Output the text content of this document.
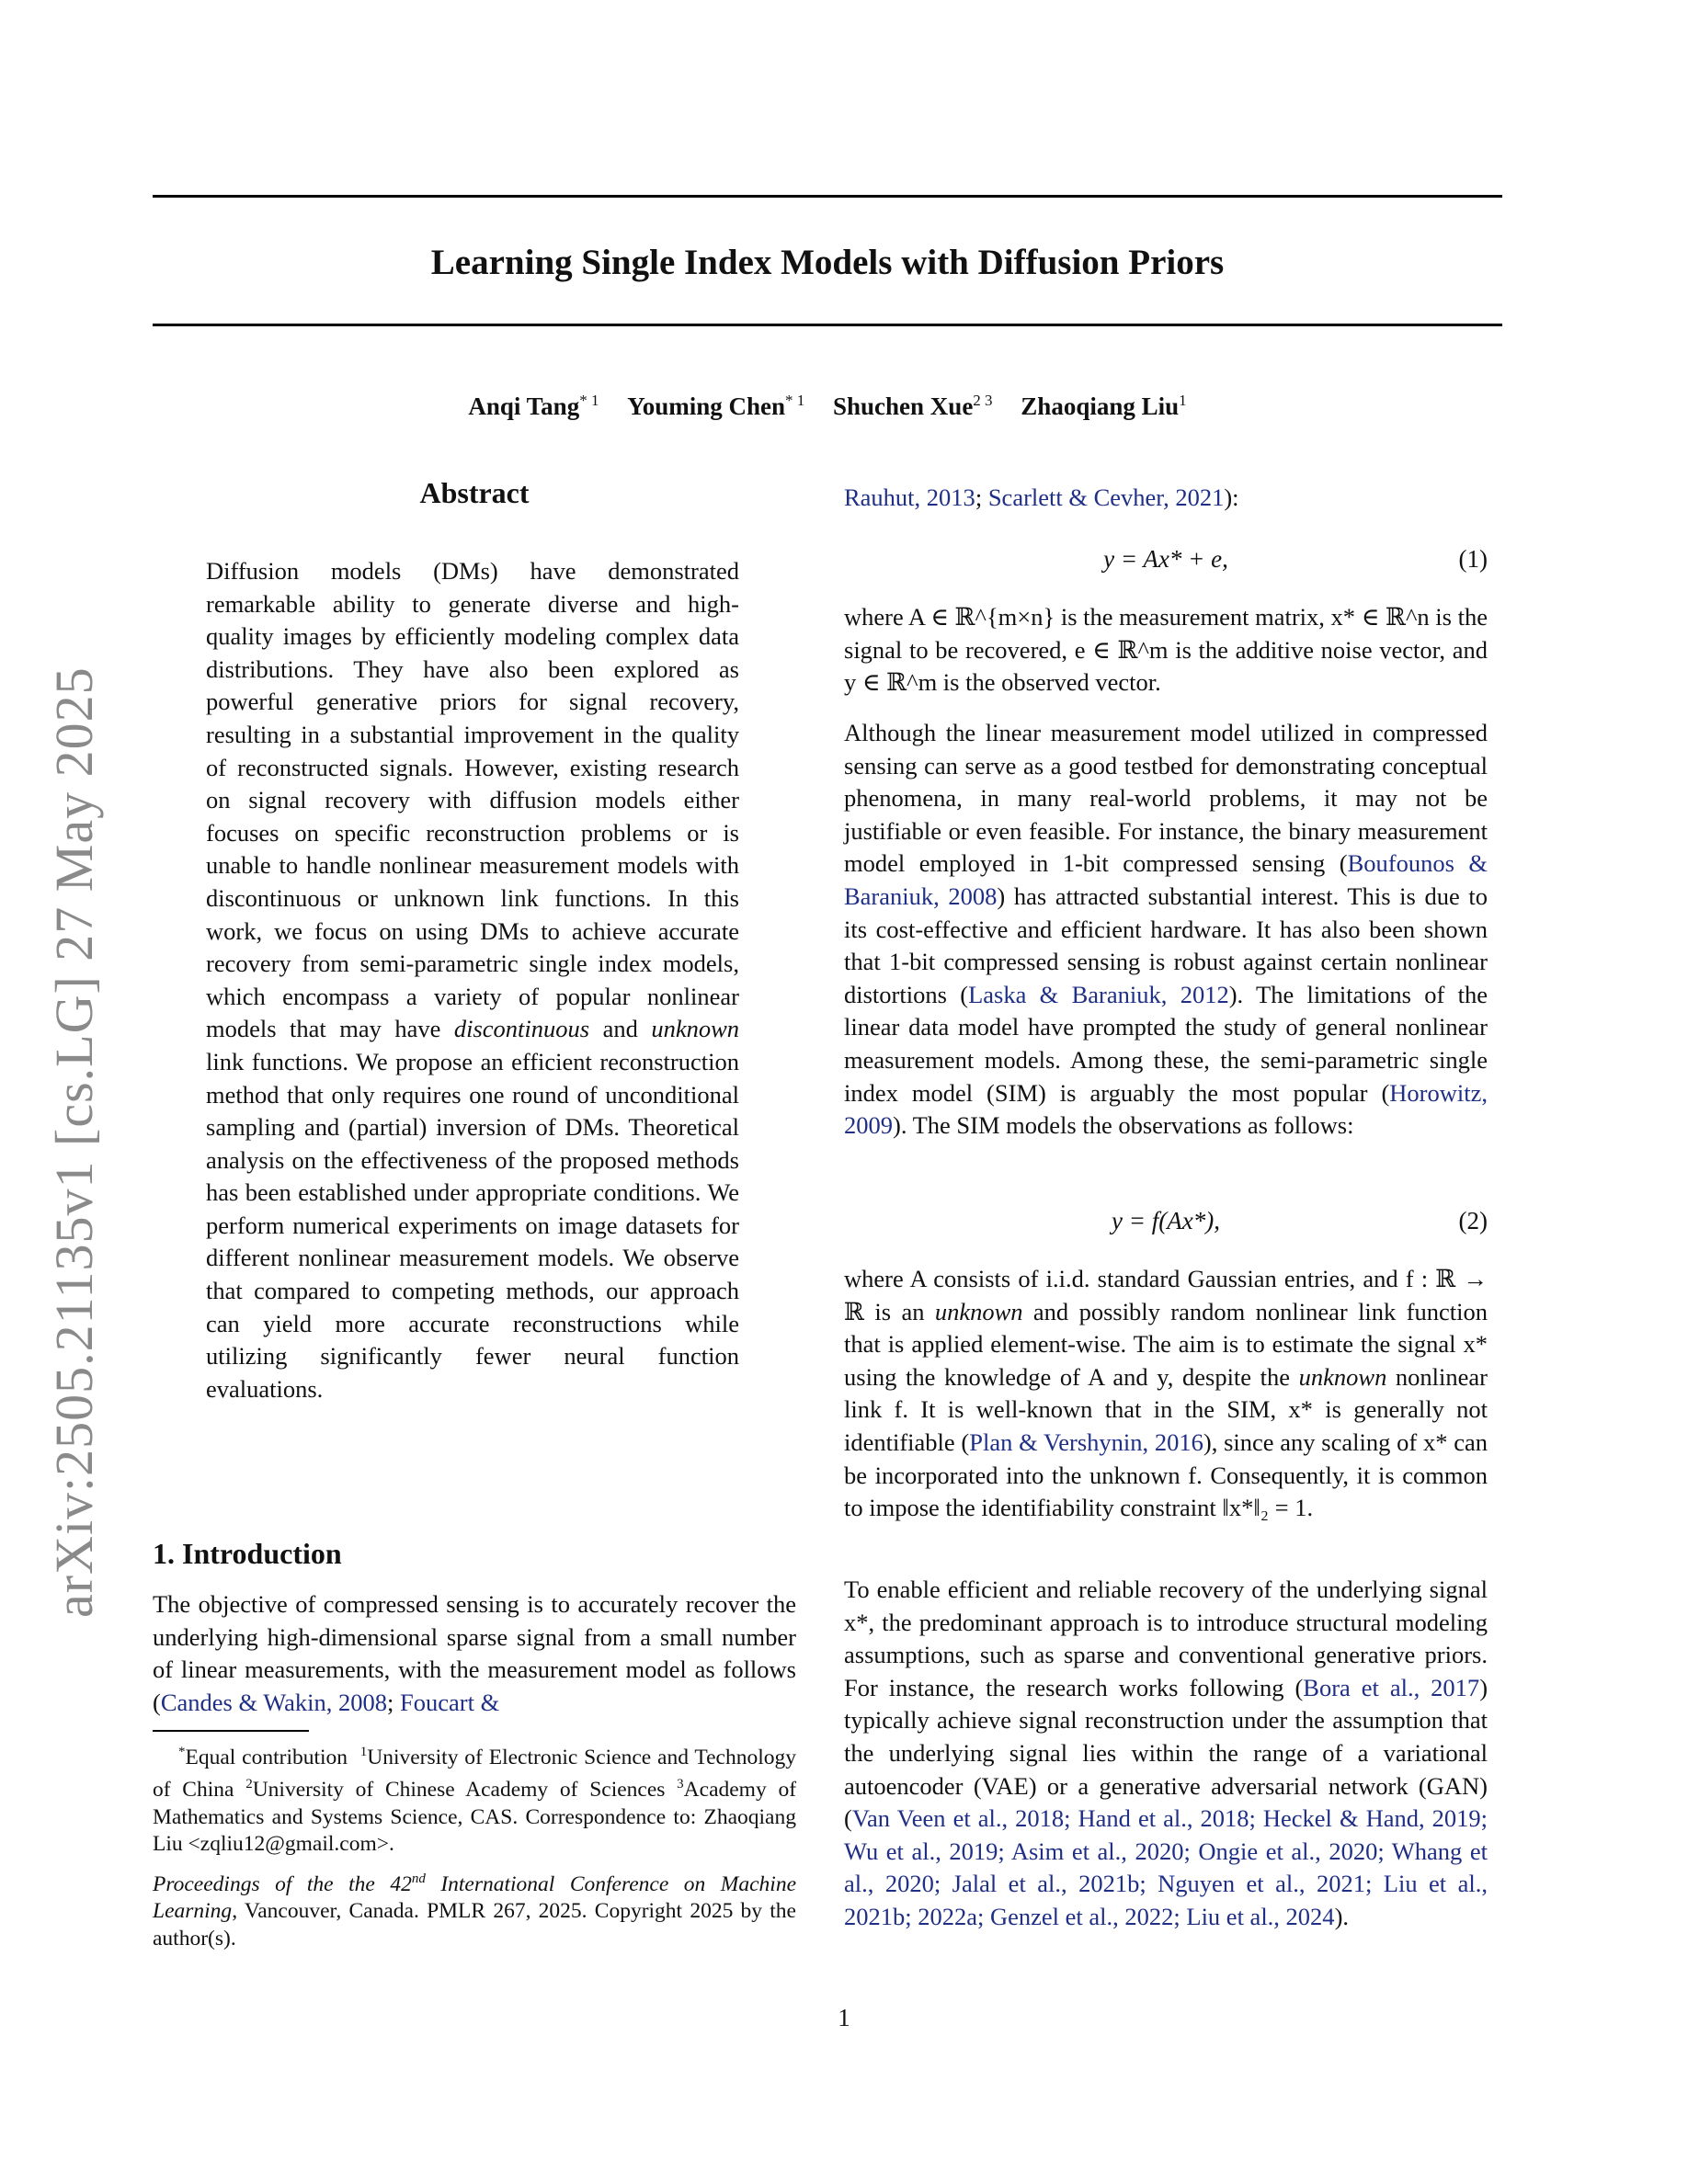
arXiv:2505.21135v1 [cs.LG] 27 May 2025
Learning Single Index Models with Diffusion Priors
Anqi Tang$^{* 1}$ Youming Chen$^{* 1}$ Shuchen Xue$^{2 3}$ Zhaoqiang Liu$^1$
Abstract

Diffusion models (DMs) have demonstrated remarkable ability to generate diverse and high-quality images by efficiently modeling complex data distributions. They have also been explored as powerful generative priors for signal recovery, resulting in a substantial improvement in the quality of reconstructed signals. However, existing research on signal recovery with diffusion models either focuses on specific reconstruction problems or is unable to handle nonlinear measurement models with discontinuous or unknown link functions. In this work, we focus on using DMs to achieve accurate recovery from semi-parametric single index models, which encompass a variety of popular nonlinear models that may have discontinuous and unknown link functions. We propose an efficient reconstruction method that only requires one round of unconditional sampling and (partial) inversion of DMs. Theoretical analysis on the effectiveness of the proposed methods has been established under appropriate conditions. We perform numerical experiments on image datasets for different nonlinear measurement models. We observe that compared to competing methods, our approach can yield more accurate reconstructions while utilizing significantly fewer neural function evaluations.

1. Introduction

The objective of compressed sensing is to accurately recover the underlying high-dimensional sparse signal from a small number of linear measurements, with the measurement model as follows (Candes & Wakin, 2008; Foucart &

*Equal contribution $^1$University of Electronic Science and Technology of China $^2$University of Chinese Academy of Sciences $^3$Academy of Mathematics and Systems Science, CAS. Correspondence to: Zhaoqiang Liu <zqliu12@gmail.com>.
Proceedings of the the 42nd International Conference on Machine Learning, Vancouver, Canada. PMLR 267, 2025. Copyright 2025 by the author(s).

Rauhut, 2013; Scarlett & Cevher, 2021):

y = Ax* + e,	(1)

where A ∈ ℝ^{m×n} is the measurement matrix, x* ∈ ℝ^n is the signal to be recovered, e ∈ ℝ^m is the additive noise vector, and y ∈ ℝ^m is the observed vector.

Although the linear measurement model utilized in compressed sensing can serve as a good testbed for demonstrating conceptual phenomena, in many real-world problems, it may not be justifiable or even feasible. For instance, the binary measurement model employed in 1-bit compressed sensing (Boufounos & Baraniuk, 2008) has attracted substantial interest. This is due to its cost-effective and efficient hardware. It has also been shown that 1-bit compressed sensing is robust against certain nonlinear distortions (Laska & Baraniuk, 2012). The limitations of the linear data model have prompted the study of general nonlinear measurement models. Among these, the semi-parametric single index model (SIM) is arguably the most popular (Horowitz, 2009). The SIM models the observations as follows:

y = f(Ax*),	(2)

where A consists of i.i.d. standard Gaussian entries, and f : ℝ → ℝ is an unknown and possibly random nonlinear link function that is applied element-wise. The aim is to estimate the signal x* using the knowledge of A and y, despite the unknown nonlinear link f. It is well-known that in the SIM, x* is generally not identifiable (Plan & Vershynin, 2016), since any scaling of x* can be incorporated into the unknown f. Consequently, it is common to impose the identifiability constraint ‖x*‖₂ = 1.

To enable efficient and reliable recovery of the underlying signal x*, the predominant approach is to introduce structural modeling assumptions, such as sparse and conventional generative priors. For instance, the research works following (Bora et al., 2017) typically achieve signal reconstruction under the assumption that the underlying signal lies within the range of a variational autoencoder (VAE) or a generative adversarial network (GAN) (Van Veen et al., 2018; Hand et al., 2018; Heckel & Hand, 2019; Wu et al., 2019; Asim et al., 2020; Ongie et al., 2020; Whang et al., 2020; Jalal et al., 2021b; Nguyen et al., 2021; Liu et al., 2021b; 2022a; Genzel et al., 2022; Liu et al., 2024).

1
